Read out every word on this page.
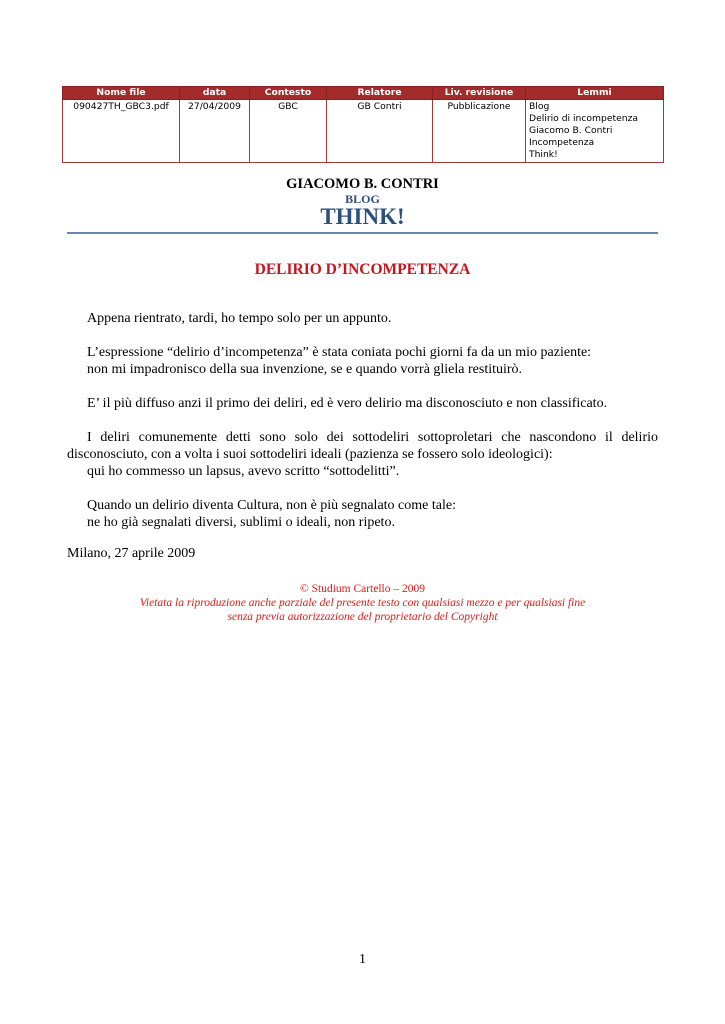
Nome file	data	Contesto	Relatore	Liv. revisione	Lemmi
090427TH_GBC3.pdf	27/04/2009	GBC	GB Contri	Pubblicazione	Blog
Delirio di incompetenza
Giacomo B. Contri
Incompetenza
Think!
GIACOMO B. CONTRI
BLOG
THINK!
DELIRIO D’INCOMPETENZA

Appena rientrato, tardi, ho tempo solo per un appunto.

L’espressione “delirio d’incompetenza” è stata coniata pochi giorni fa da un mio paziente:

non mi impadronisco della sua invenzione, se e quando vorrà gliela restituirò.

E’ il più diffuso anzi il primo dei deliri, ed è vero delirio ma disconosciuto e non classificato.

I deliri comunemente detti sono solo dei sottodeliri sottoproletari che nascondono il delirio disconosciuto, con a volta i suoi sottodeliri ideali (pazienza se fossero solo ideologici):

qui ho commesso un lapsus, avevo scritto “sottodelitti”.

Quando un delirio diventa Cultura, non è più segnalato come tale:

ne ho già segnalati diversi, sublimi o ideali, non ripeto.

Milano, 27 aprile 2009

© Studium Cartello – 2009
Vietata la riproduzione anche parziale del presente testo con qualsiasi mezzo e per qualsiasi fine
senza previa autorizzazione del proprietario del Copyright
1
